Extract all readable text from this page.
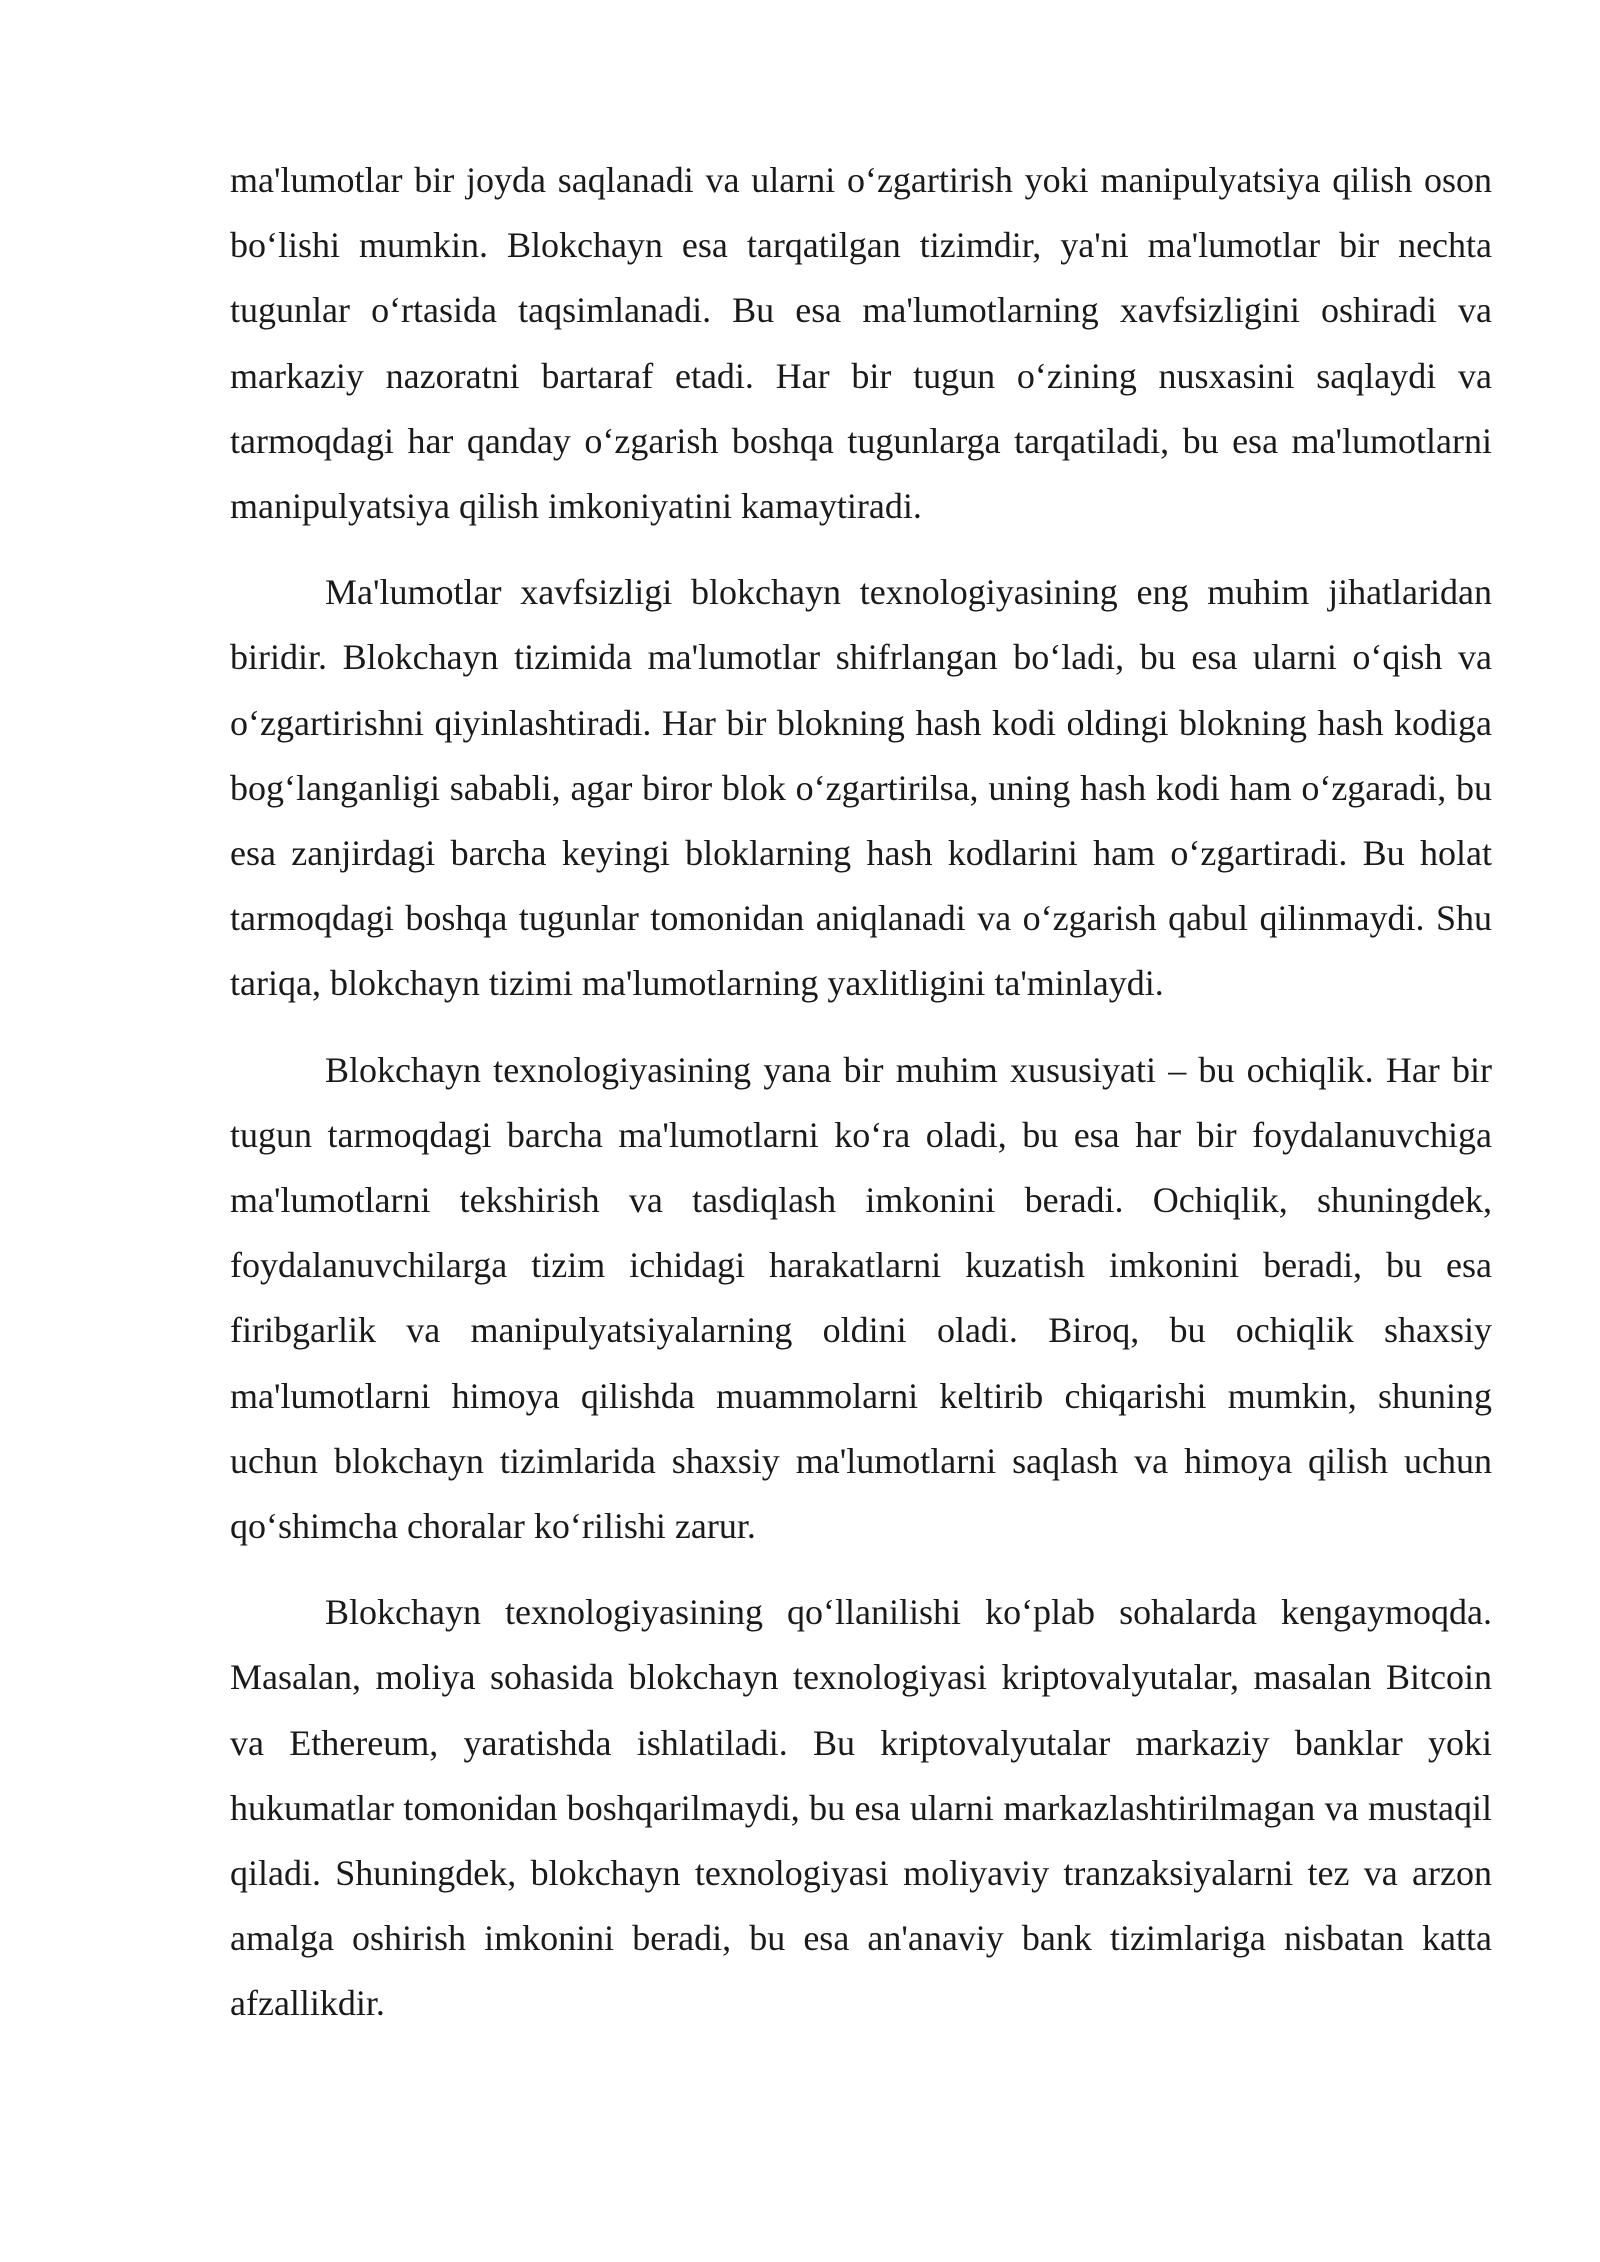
ma'lumotlar bir joyda saqlanadi va ularni o‘zgartirish yoki manipulyatsiya qilish oson bo‘lishi mumkin. Blokchayn esa tarqatilgan tizimdir, ya'ni ma'lumotlar bir nechta tugunlar o‘rtasida taqsimlanadi. Bu esa ma'lumotlarning xavfsizligini oshiradi va markaziy nazoratni bartaraf etadi. Har bir tugun o‘zining nusxasini saqlaydi va tarmoqdagi har qanday o‘zgarish boshqa tugunlarga tarqatiladi, bu esa ma'lumotlarni manipulyatsiya qilish imkoniyatini kamaytiradi.

Ma'lumotlar xavfsizligi blokchayn texnologiyasining eng muhim jihatlaridan biridir. Blokchayn tizimida ma'lumotlar shifrlangan bo‘ladi, bu esa ularni o‘qish va o‘zgartirishni qiyinlashtiradi. Har bir blokning hash kodi oldingi blokning hash kodiga bog‘langanligi sababli, agar biror blok o‘zgartirilsa, uning hash kodi ham o‘zgaradi, bu esa zanjirdagi barcha keyingi bloklarning hash kodlarini ham o‘zgartiradi. Bu holat tarmoqdagi boshqa tugunlar tomonidan aniqlanadi va o‘zgarish qabul qilinmaydi. Shu tariqa, blokchayn tizimi ma'lumotlarning yaxlitligini ta'minlaydi.

Blokchayn texnologiyasining yana bir muhim xususiyati – bu ochiqlik. Har bir tugun tarmoqdagi barcha ma'lumotlarni ko‘ra oladi, bu esa har bir foydalanuvchiga ma'lumotlarni tekshirish va tasdiqlash imkonini beradi. Ochiqlik, shuningdek, foydalanuvchilarga tizim ichidagi harakatlarni kuzatish imkonini beradi, bu esa firibgarlik va manipulyatsiyalarning oldini oladi. Biroq, bu ochiqlik shaxsiy ma'lumotlarni himoya qilishda muammolarni keltirib chiqarishi mumkin, shuning uchun blokchayn tizimlarida shaxsiy ma'lumotlarni saqlash va himoya qilish uchun qo‘shimcha choralar ko‘rilishi zarur.

Blokchayn texnologiyasining qo‘llanilishi ko‘plab sohalarda kengaymoqda. Masalan, moliya sohasida blokchayn texnologiyasi kriptovalyutalar, masalan Bitcoin va Ethereum, yaratishda ishlatiladi. Bu kriptovalyutalar markaziy banklar yoki hukumatlar tomonidan boshqarilmaydi, bu esa ularni markazlashtirilmagan va mustaqil qiladi. Shuningdek, blokchayn texnologiyasi moliyaviy tranzaksiyalarni tez va arzon amalga oshirish imkonini beradi, bu esa an'anaviy bank tizimlariga nisbatan katta afzallikdir.
